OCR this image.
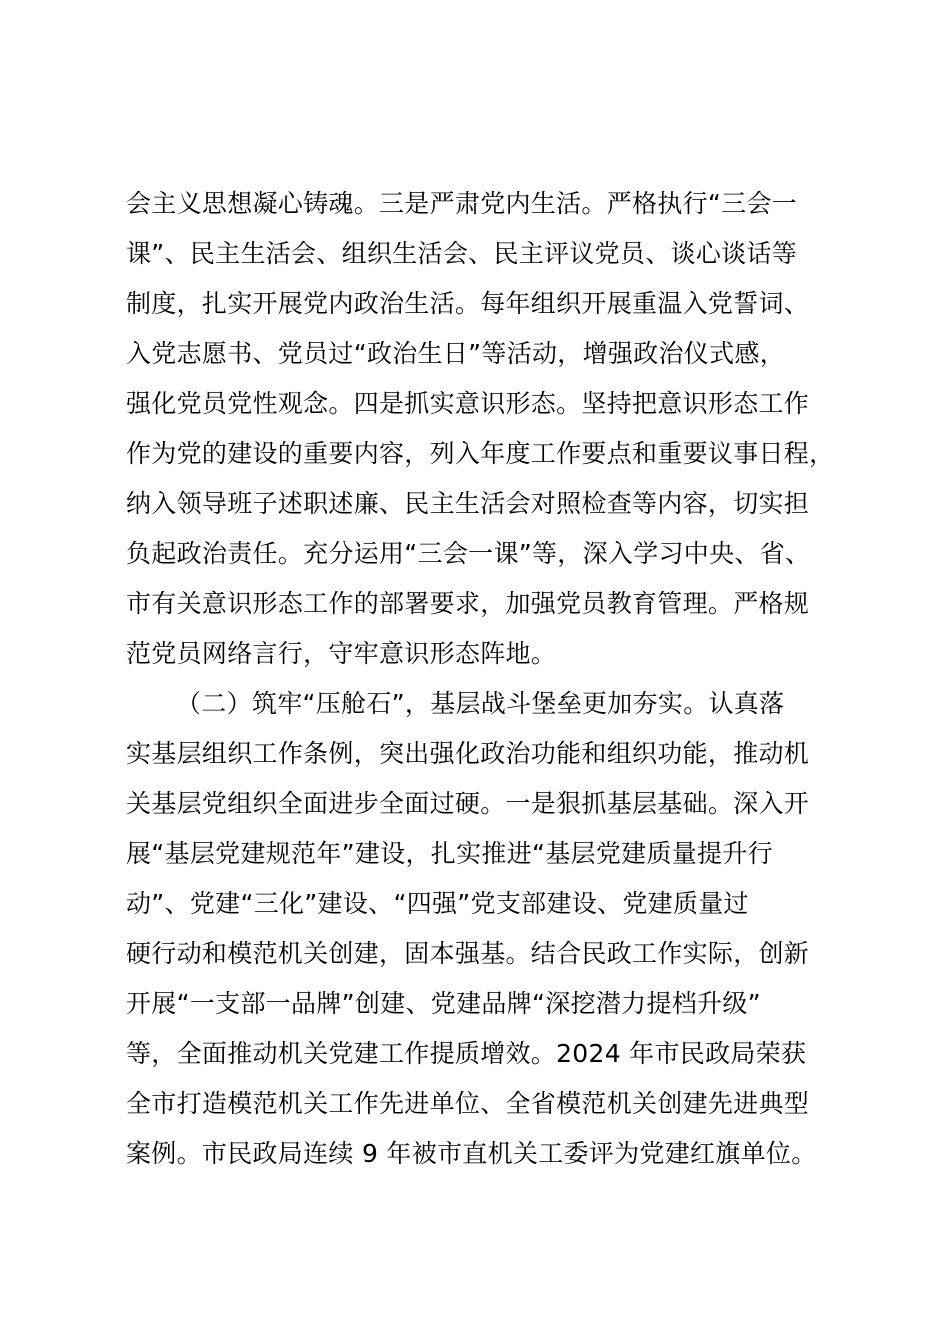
会主义思想凝心铸魂。三是严肃党内生活。严格执行“三会一
课”、民主生活会、组织生活会、民主评议党员、谈心谈话等
制度，扎实开展党内政治生活。每年组织开展重温入党誓词、
入党志愿书、党员过“政治生日”等活动，增强政治仪式感，
强化党员党性观念。四是抓实意识形态。坚持把意识形态工作
作为党的建设的重要内容，列入年度工作要点和重要议事日程，
纳入领导班子述职述廉、民主生活会对照检查等内容，切实担
负起政治责任。充分运用“三会一课”等，深入学习中央、省、
市有关意识形态工作的部署要求，加强党员教育管理。严格规
范党员网络言行，守牢意识形态阵地。
（二）筑牢“压舱石”，基层战斗堡垒更加夯实。认真落
实基层组织工作条例，突出强化政治功能和组织功能，推动机
关基层党组织全面进步全面过硬。一是狠抓基层基础。深入开
展“基层党建规范年”建设，扎实推进“基层党建质量提升行
动”、党建“三化”建设、“四强”党支部建设、党建质量过
硬行动和模范机关创建，固本强基。结合民政工作实际，创新
开展“一支部一品牌”创建、党建品牌“深挖潜力提档升级”
等，全面推动机关党建工作提质增效。2024 年市民政局荣获
全市打造模范机关工作先进单位、全省模范机关创建先进典型
案例。市民政局连续 9 年被市直机关工委评为党建红旗单位。
